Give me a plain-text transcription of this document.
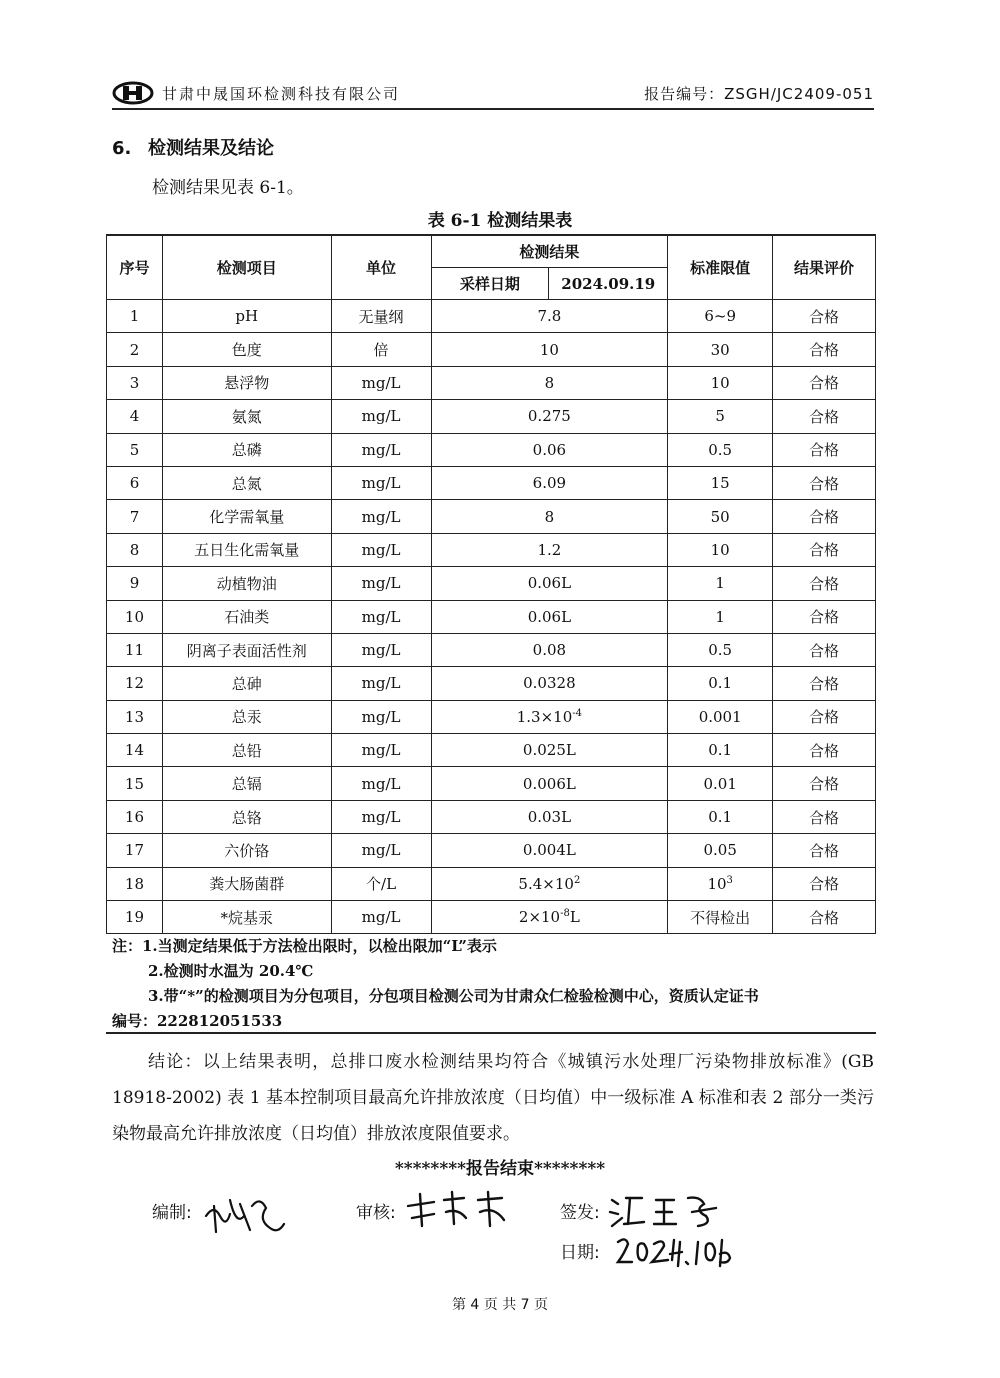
甘肃中晟国环检测科技有限公司	报告编号：ZSGH/JC2409-051
6. 检测结果及结论
检测结果见表 6-1。
表 6-1 检测结果表
序号	检测项目	单位	检测结果		标准限值	结果评价
			采样日期	2024.09.19		
1	pH	无量纲	7.8		6~9	合格
2	色度	倍	10		30	合格
3	悬浮物	mg/L	8		10	合格
4	氨氮	mg/L	0.275		5	合格
5	总磷	mg/L	0.06		0.5	合格
6	总氮	mg/L	6.09		15	合格
7	化学需氧量	mg/L	8		50	合格
8	五日生化需氧量	mg/L	1.2		10	合格
9	动植物油	mg/L	0.06L		1	合格
10	石油类	mg/L	0.06L		1	合格
11	阴离子表面活性剂	mg/L	0.08		0.5	合格
12	总砷	mg/L	0.0328		0.1	合格
13	总汞	mg/L	$1.3\times 10^{-4}$		0.001	合格
14	总铅	mg/L	0.025L		0.1	合格
15	总镉	mg/L	0.006L		0.01	合格
16	总铬	mg/L	0.03L		0.1	合格
17	六价铬	mg/L	0.004L		0.05	合格
18	粪大肠菌群	个/L	$5.4\times 10^2$		$10^3$	合格
19	*烷基汞	mg/L	$2\times 10^{-8}L$		不得检出	合格
注：1.当测定结果低于方法检出限时，以检出限加“L”表示
2.检测时水温为 20.4℃
3.带“*”的检测项目为分包项目，分包项目检测公司为甘肃众仁检验检测中心，资质认定证书
编号：222812051533
结论：以上结果表明，总排口废水检测结果均符合《城镇污水处理厂污染物排放标准》(GB 18918-2002) 表 1 基本控制项目最高允许排放浓度（日均值）中一级标准 A 标准和表 2 部分一类污染物最高允许排放浓度（日均值）排放浓度限值要求。
********报告结束********
编制:	审核:	签发:
日期:
第 4 页 共 7 页
